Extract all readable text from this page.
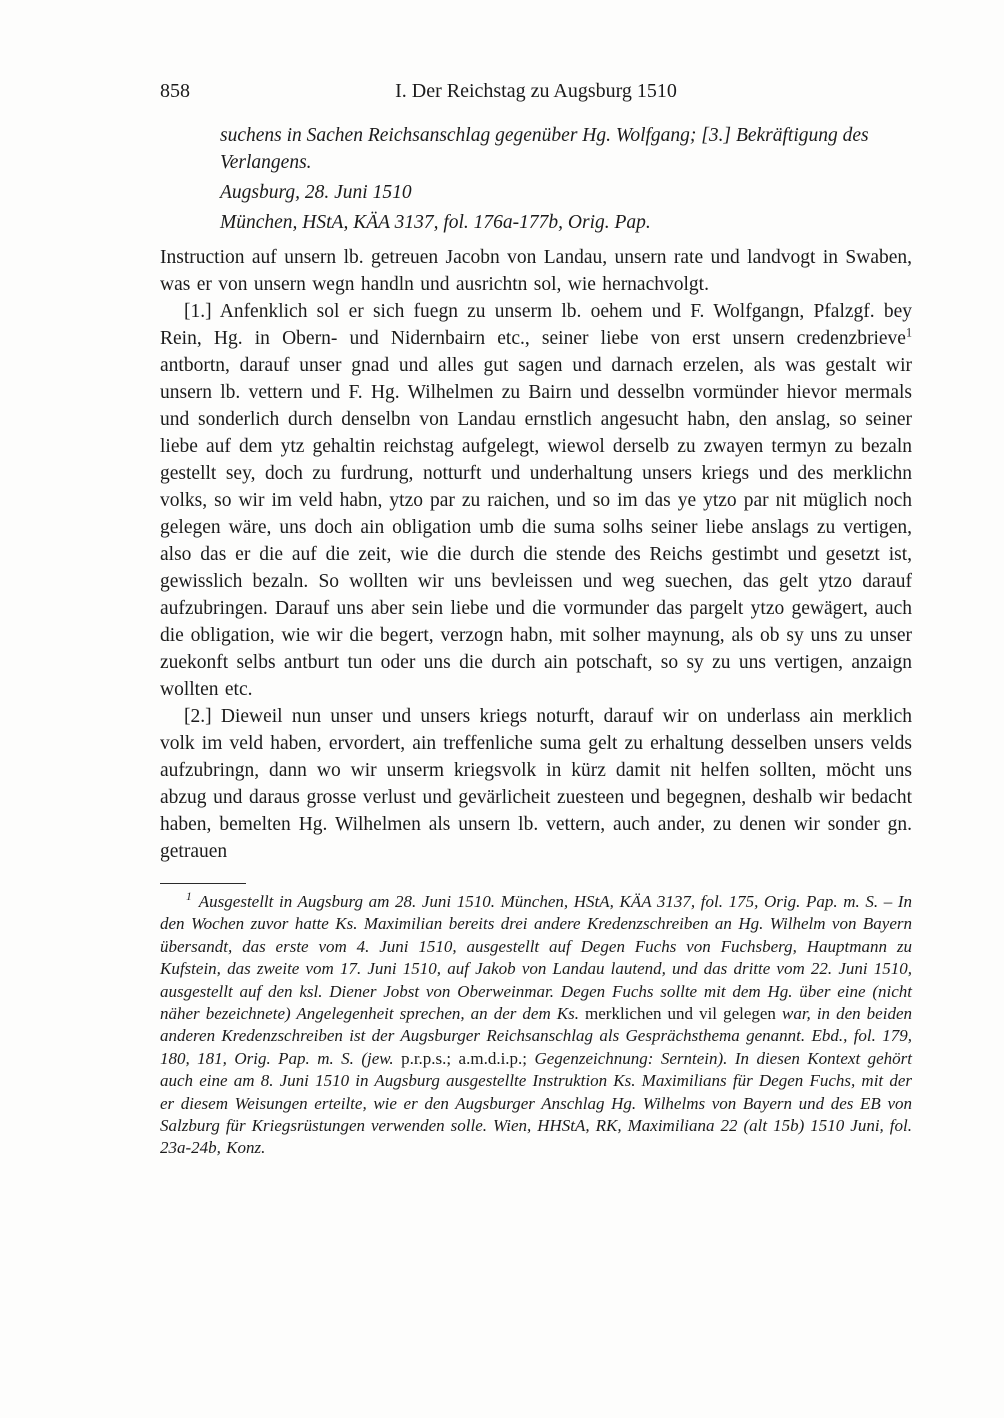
858	I. Der Reichstag zu Augsburg 1510

suchens in Sachen Reichsanschlag gegenüber Hg. Wolfgang; [3.] Bekräftigung des Verlangens.

Augsburg, 28. Juni 1510

München, HStA, KÄA 3137, fol. 176a-177b, Orig. Pap.

Instruction auf unsern lb. getreuen Jacobn von Landau, unsern rate und landvogt in Swaben, was er von unsern wegn handln und ausrichtn sol, wie hernachvolgt.

[1.] Anfenklich sol er sich fuegn zu unserm lb. oehem und F. Wolfgangn, Pfalzgf. bey Rein, Hg. in Obern- und Nidernbairn etc., seiner liebe von erst unsern credenzbrieve$^1$ antbortn, darauf unser gnad und alles gut sagen und darnach erzelen, als was gestalt wir unsern lb. vettern und F. Hg. Wilhelmen zu Bairn und desselbn vormünder hievor mermals und sonderlich durch denselbn von Landau ernstlich angesucht habn, den anslag, so seiner liebe auf dem ytz gehaltin reichstag aufgelegt, wiewol derselb zu zwayen termyn zu bezaln gestellt sey, doch zu furdrung, notturft und underhaltung unsers kriegs und des merklichn volks, so wir im veld habn, ytzo par zu raichen, und so im das ye ytzo par nit müglich noch gelegen wäre, uns doch ain obligation umb die suma solhs seiner liebe anslags zu vertigen, also das er die auf die zeit, wie die durch die stende des Reichs gestimbt und gesetzt ist, gewisslich bezaln. So wollten wir uns bevleissen und weg suechen, das gelt ytzo darauf aufzubringen. Darauf uns aber sein liebe und die vormunder das pargelt ytzo gewägert, auch die obligation, wie wir die begert, verzogn habn, mit solher maynung, als ob sy uns zu unser zuekonft selbs antburt tun oder uns die durch ain potschaft, so sy zu uns vertigen, anzaign wollten etc.

[2.] Dieweil nun unser und unsers kriegs noturft, darauf wir on underlass ain merklich volk im veld haben, ervordert, ain treffenliche suma gelt zu erhaltung desselben unsers velds aufzubringn, dann wo wir unserm kriegsvolk in kürz damit nit helfen sollten, möcht uns abzug und daraus grosse verlust und gevärlicheit zuesteen und begegnen, deshalb wir bedacht haben, bemelten Hg. Wilhelmen als unsern lb. vettern, auch ander, zu denen wir sonder gn. getrauen

$^1$ Ausgestellt in Augsburg am 28. Juni 1510. München, HStA, KÄA 3137, fol. 175, Orig. Pap. m. S. – In den Wochen zuvor hatte Ks. Maximilian bereits drei andere Kredenzschreiben an Hg. Wilhelm von Bayern übersandt, das erste vom 4. Juni 1510, ausgestellt auf Degen Fuchs von Fuchsberg, Hauptmann zu Kufstein, das zweite vom 17. Juni 1510, auf Jakob von Landau lautend, und das dritte vom 22. Juni 1510, ausgestellt auf den ksl. Diener Jobst von Oberweinmar. Degen Fuchs sollte mit dem Hg. über eine (nicht näher bezeichnete) Angelegenheit sprechen, an der dem Ks. merklichen und vil gelegen war, in den beiden anderen Kredenzschreiben ist der Augsburger Reichsanschlag als Gesprächsthema genannt. Ebd., fol. 179, 180, 181, Orig. Pap. m. S. (jew. p.r.p.s.; a.m.d.i.p.; Gegenzeichnung: Serntein). In diesen Kontext gehört auch eine am 8. Juni 1510 in Augsburg ausgestellte Instruktion Ks. Maximilians für Degen Fuchs, mit der er diesem Weisungen erteilte, wie er den Augsburger Anschlag Hg. Wilhelms von Bayern und des EB von Salzburg für Kriegsrüstungen verwenden solle. Wien, HHStA, RK, Maximiliana 22 (alt 15b) 1510 Juni, fol. 23a-24b, Konz.
